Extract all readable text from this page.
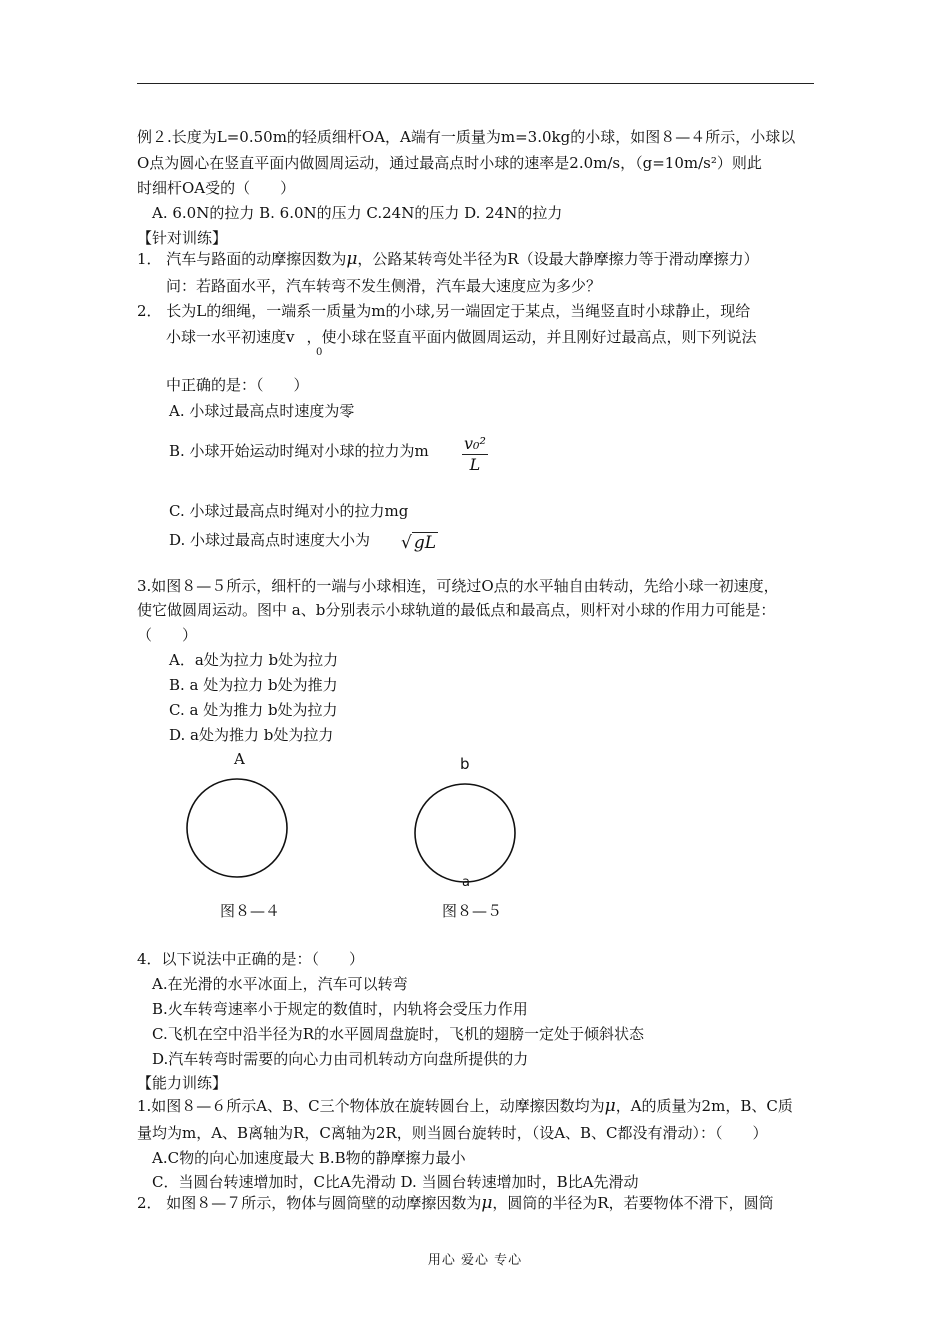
例２.长度为L=0.50m的轻质细杆OA，A端有一质量为m=3.0kg的小球，如图８—４所示，小球以
O点为圆心在竖直平面内做圆周运动，通过最高点时小球的速率是2.0m/s，（g=10m/s²）则此
时细杆OA受的（　　）
A. 6.0N的拉力 B. 6.0N的压力 C.24N的压力 D. 24N的拉力
【针对训练】
1． 汽车与路面的动摩擦因数为μ，公路某转弯处半径为R（设最大静摩擦力等于滑动摩擦力）
问：若路面水平，汽车转弯不发生侧滑，汽车最大速度应为多少？
2． 长为L的细绳，一端系一质量为m的小球,另一端固定于某点，当绳竖直时小球静止，现给
小球一水平初速度v ，使小球在竖直平面内做圆周运动，并且刚好过最高点，则下列说法
0
中正确的是：（　　）
A. 小球过最高点时速度为零
B. 小球开始运动时绳对小球的拉力为m $\frac{\text{v₀²}}{L}$
C. 小球过最高点时绳对小的拉力mg
D. 小球过最高点时速度大小为 √ gL
3.如图８—５所示，细杆的一端与小球相连，可绕过O点的水平轴自由转动，先给小球一初速度，
使它做圆周运动。图中 a、b分别表示小球轨道的最低点和最高点，则杆对小球的作用力可能是：
（　　）
A．a处为拉力 b处为拉力
B. a 处为拉力 b处为推力
C. a 处为推力 b处为拉力
D. a处为推力 b处为拉力
A
图８—４
b
a
图８—５
4．以下说法中正确的是：（　　）
A.在光滑的水平冰面上，汽车可以转弯
B.火车转弯速率小于规定的数值时，内轨将会受压力作用
C.飞机在空中沿半径为R的水平圆周盘旋时，飞机的翅膀一定处于倾斜状态
D.汽车转弯时需要的向心力由司机转动方向盘所提供的力
【能力训练】
1.如图８—６所示A、B、C三个物体放在旋转圆台上，动摩擦因数均为μ，A的质量为2m，B、C质
量均为m，A、B离轴为R，C离轴为2R，则当圆台旋转时，（设A、B、C都没有滑动）：（　　）
A.C物的向心加速度最大 B.B物的静摩擦力最小
C．当圆台转速增加时，C比A先滑动 D. 当圆台转速增加时，B比A先滑动
2． 如图８—７所示，物体与圆筒壁的动摩擦因数为μ，圆筒的半径为R，若要物体不滑下，圆筒
用心 爱心 专心
